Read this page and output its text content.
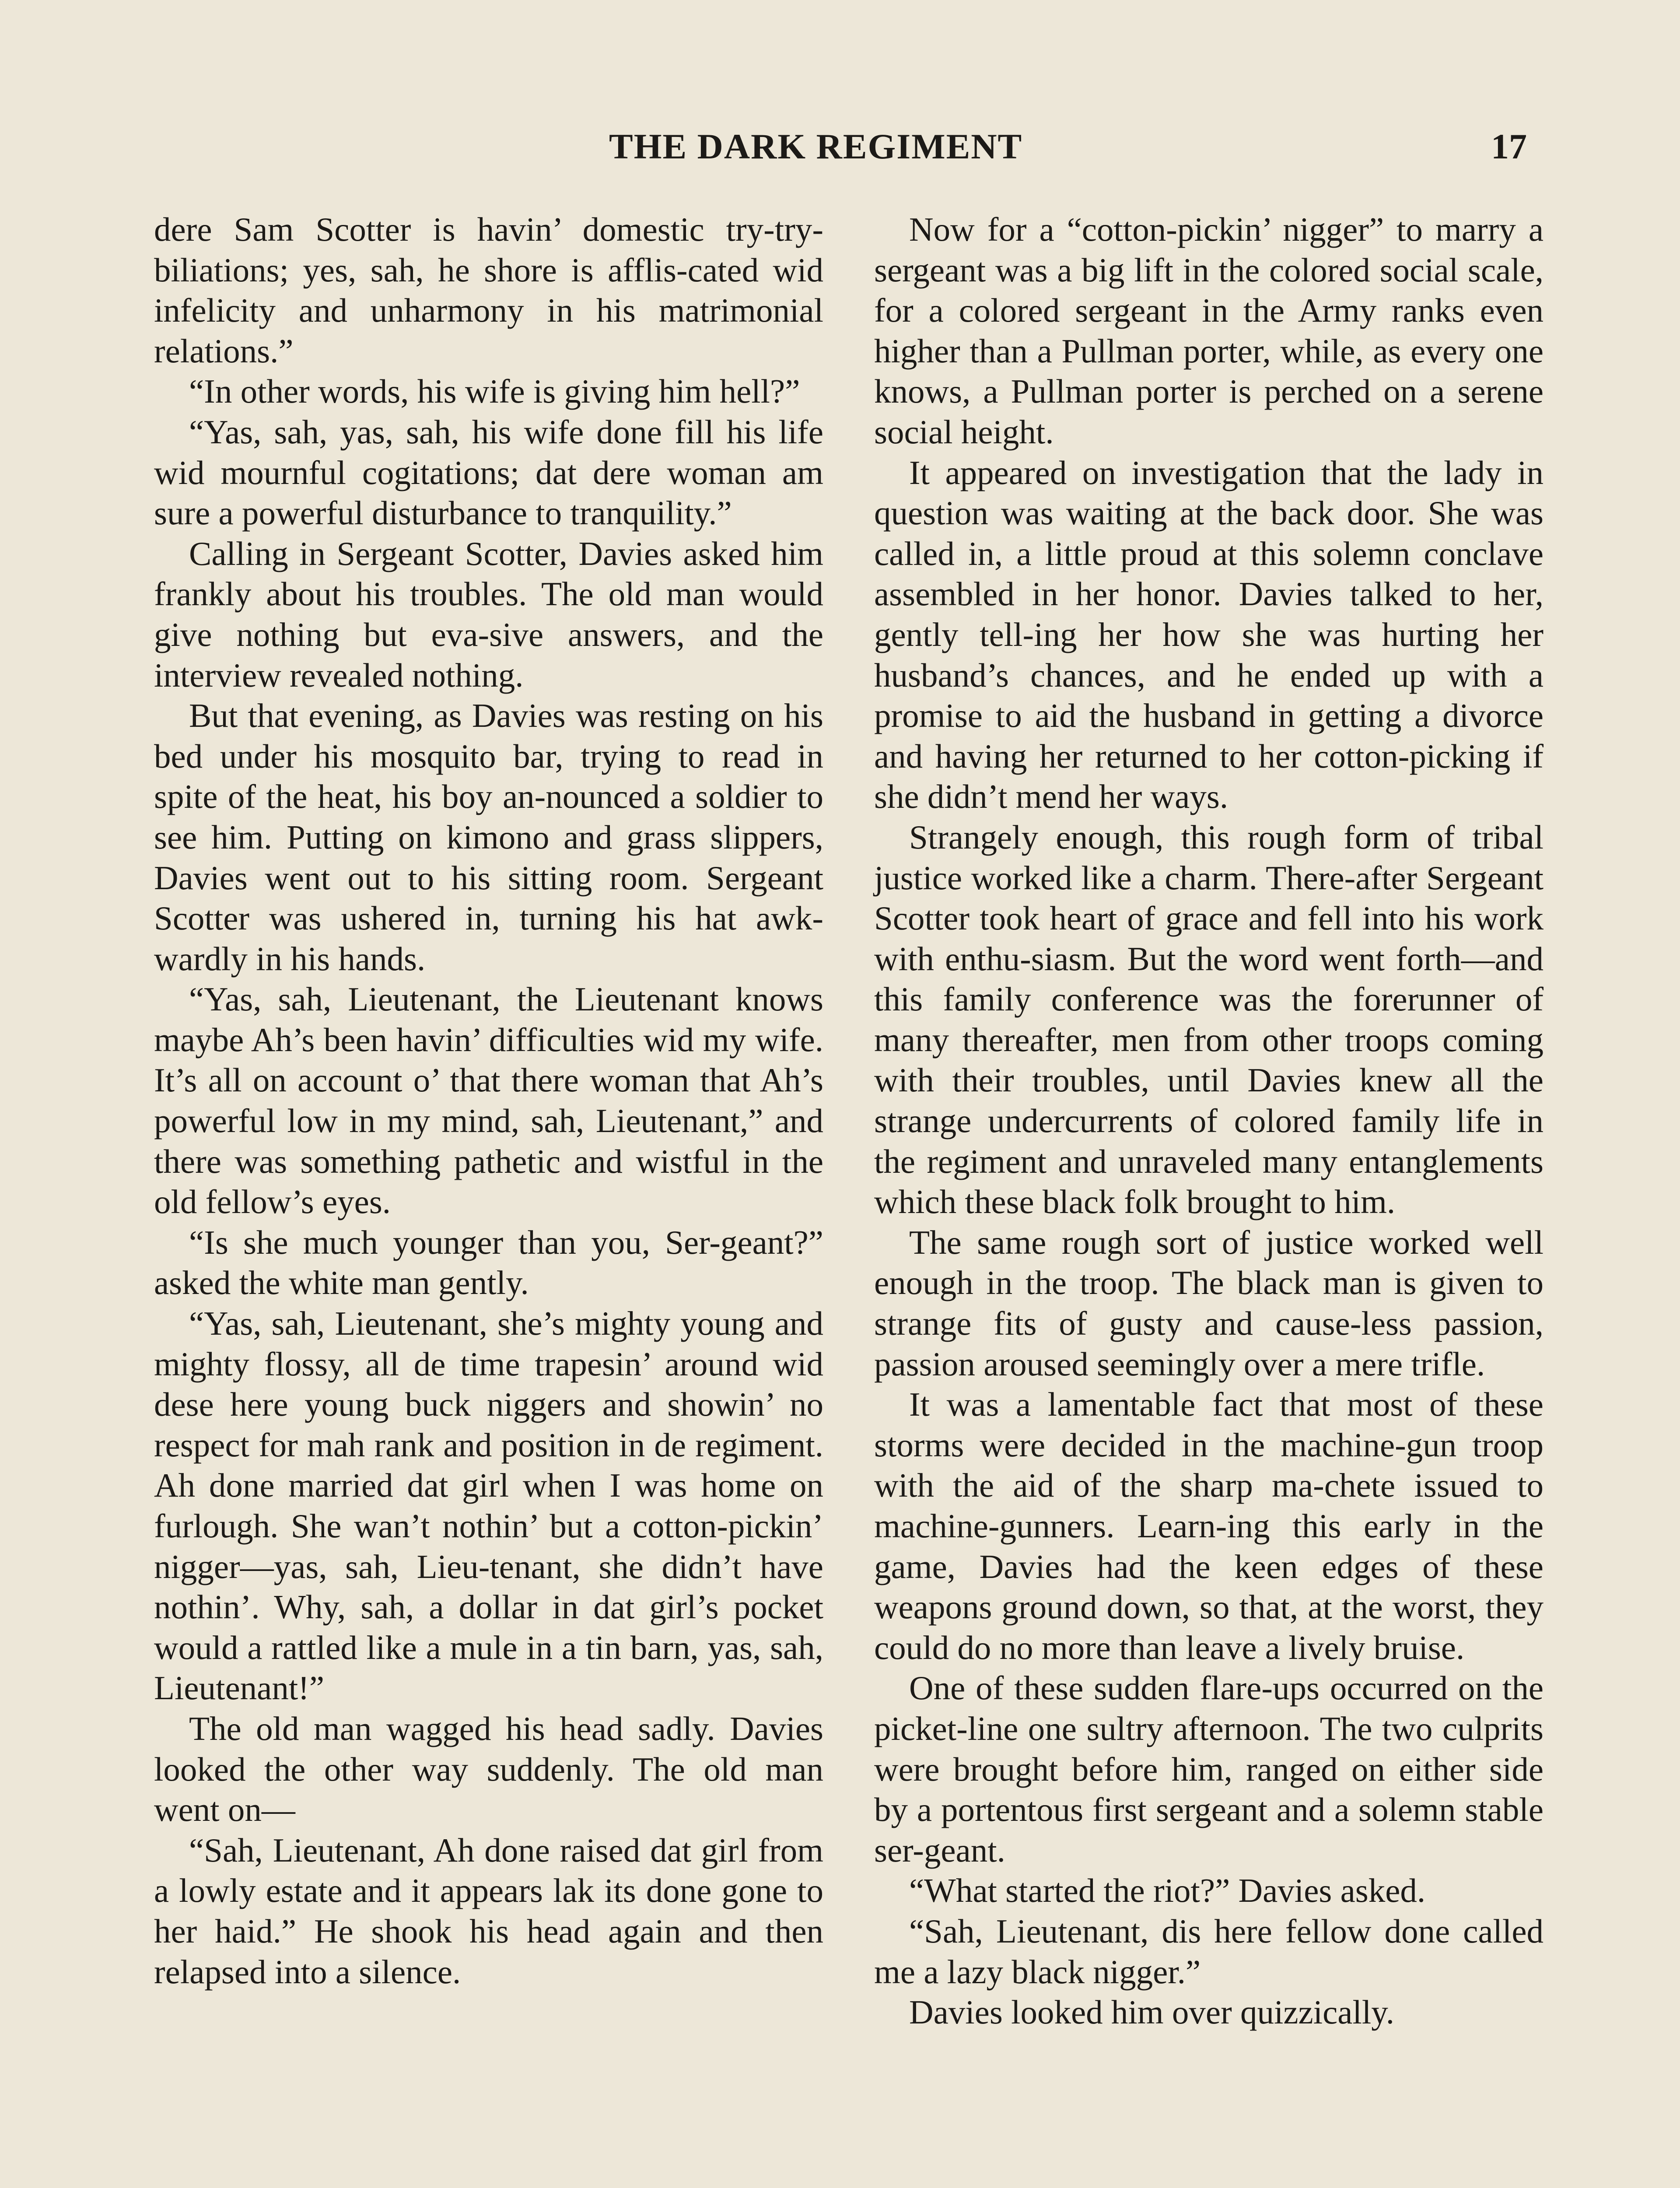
THE DARK REGIMENT	17

dere Sam Scotter is havin’ domestic try-try-biliations; yes, sah, he shore is afflis-cated wid infelicity and unharmony in his matrimonial relations.”

“In other words, his wife is giving him hell?”

“Yas, sah, yas, sah, his wife done fill his life wid mournful cogitations; dat dere woman am sure a powerful disturbance to tranquility.”

Calling in Sergeant Scotter, Davies asked him frankly about his troubles. The old man would give nothing but eva-sive answers, and the interview revealed nothing.

But that evening, as Davies was resting on his bed under his mosquito bar, trying to read in spite of the heat, his boy an-nounced a soldier to see him. Putting on kimono and grass slippers, Davies went out to his sitting room. Sergeant Scotter was ushered in, turning his hat awk-wardly in his hands.

“Yas, sah, Lieutenant, the Lieutenant knows maybe Ah’s been havin’ difficulties wid my wife. It’s all on account o’ that there woman that Ah’s powerful low in my mind, sah, Lieutenant,” and there was something pathetic and wistful in the old fellow’s eyes.

“Is she much younger than you, Ser-geant?” asked the white man gently.

“Yas, sah, Lieutenant, she’s mighty young and mighty flossy, all de time trapesin’ around wid dese here young buck niggers and showin’ no respect for mah rank and position in de regiment. Ah done married dat girl when I was home on furlough. She wan’t nothin’ but a cotton-pickin’ nigger—yas, sah, Lieu-tenant, she didn’t have nothin’. Why, sah, a dollar in dat girl’s pocket would a rattled like a mule in a tin barn, yas, sah, Lieutenant!”

The old man wagged his head sadly. Davies looked the other way suddenly. The old man went on—

“Sah, Lieutenant, Ah done raised dat girl from a lowly estate and it appears lak its done gone to her haid.” He shook his head again and then relapsed into a silence.

Now for a “cotton-pickin’ nigger” to marry a sergeant was a big lift in the colored social scale, for a colored sergeant in the Army ranks even higher than a Pullman porter, while, as every one knows, a Pullman porter is perched on a serene social height.

It appeared on investigation that the lady in question was waiting at the back door. She was called in, a little proud at this solemn conclave assembled in her honor. Davies talked to her, gently tell-ing her how she was hurting her husband’s chances, and he ended up with a promise to aid the husband in getting a divorce and having her returned to her cotton-picking if she didn’t mend her ways.

Strangely enough, this rough form of tribal justice worked like a charm. There-after Sergeant Scotter took heart of grace and fell into his work with enthu-siasm. But the word went forth—and this family conference was the forerunner of many thereafter, men from other troops coming with their troubles, until Davies knew all the strange undercurrents of colored family life in the regiment and unraveled many entanglements which these black folk brought to him.

The same rough sort of justice worked well enough in the troop. The black man is given to strange fits of gusty and cause-less passion, passion aroused seemingly over a mere trifle.

It was a lamentable fact that most of these storms were decided in the machine-gun troop with the aid of the sharp ma-chete issued to machine-gunners. Learn-ing this early in the game, Davies had the keen edges of these weapons ground down, so that, at the worst, they could do no more than leave a lively bruise.

One of these sudden flare-ups occurred on the picket-line one sultry afternoon. The two culprits were brought before him, ranged on either side by a portentous first sergeant and a solemn stable ser-geant.

“What started the riot?” Davies asked.

“Sah, Lieutenant, dis here fellow done called me a lazy black nigger.”

Davies looked him over quizzically.
